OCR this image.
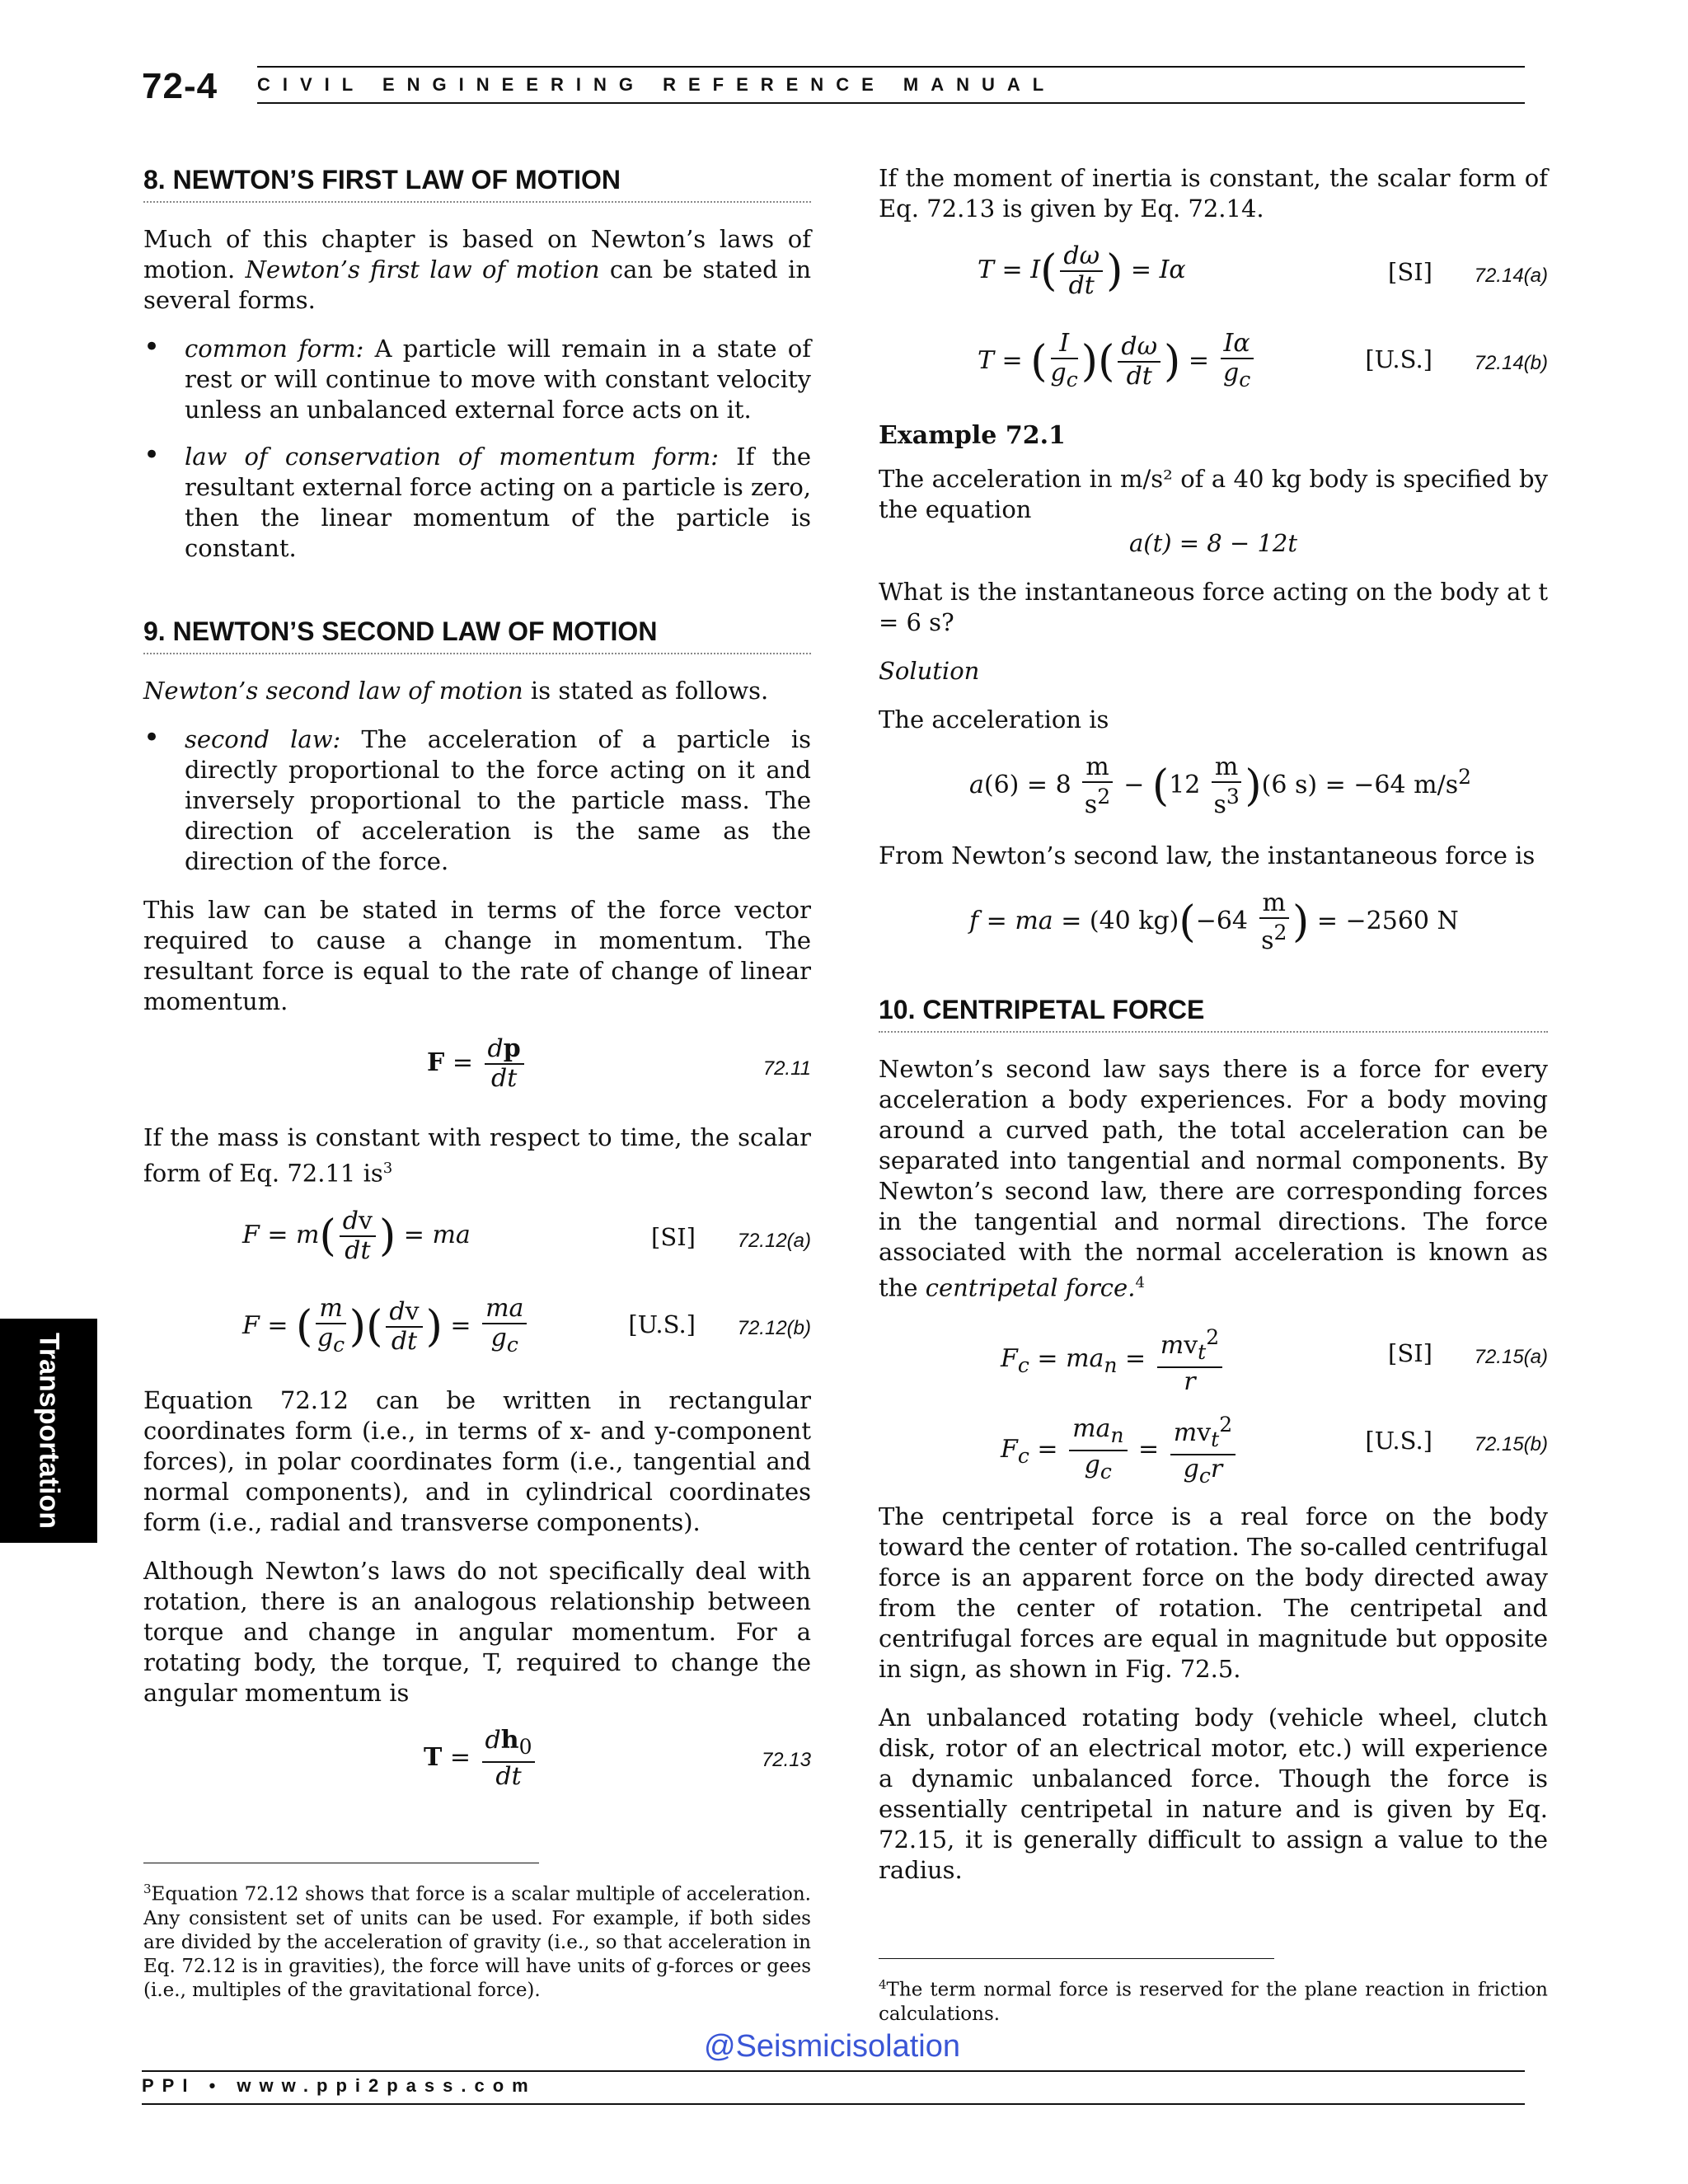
72-4 CIVIL ENGINEERING REFERENCE MANUAL
Transportation
8. NEWTON’S FIRST LAW OF MOTION

Much of this chapter is based on Newton’s laws of motion. Newton’s first law of motion can be stated in several forms.

• common form: A particle will remain in a state of rest or will continue to move with constant velocity unless an unbalanced external force acts on it.
• law of conservation of momentum form: If the resultant external force acting on a particle is zero, then the linear momentum of the particle is constant.
9. NEWTON’S SECOND LAW OF MOTION

Newton’s second law of motion is stated as follows.

• second law: The acceleration of a particle is directly proportional to the force acting on it and inversely proportional to the particle mass. The direction of acceleration is the same as the direction of the force.

This law can be stated in terms of the force vector required to cause a change in momentum. The resultant force is equal to the rate of change of linear momentum.

$F = \frac{dp}{dt}$	72.11

If the mass is constant with respect to time, the scalar form of Eq. 72.11 $is^3$

$F = m( \frac{dv}{dt}$ ) = ma	[SI] 72.12(a)
F = ( $\frac{m}{g_c}$ )( $\frac{dv}{dt}$ ) = $\frac{ma}{g_c}$	[U.S.] 72.12(b)

Equation 72.12 can be written in rectangular coordinates form (i.e., in terms of x- and y-component forces), in polar coordinates form (i.e., tangential and normal components), and in cylindrical coordinates form (i.e., radial and transverse components).

Although Newton’s laws do not specifically deal with rotation, there is an analogous relationship between torque and change in angular momentum. For a rotating body, the torque, T, required to change the angular momentum is

$T = \frac{dh_0}{dt}$	72.13
$^3$Equation 72.12 shows that force is a scalar multiple of acceleration. Any consistent set of units can be used. For example, if both sides are divided by the acceleration of gravity (i.e., so that acceleration in Eq. 72.12 is in gravities), the force will have units of g-forces or gees (i.e., multiples of the gravitational force).

If the moment of inertia is constant, the scalar form of Eq. 72.13 is given by Eq. 72.14.

$T = I( \frac{d\omega}{dt}$ ) = Iα	[SI] 72.14(a)
T = ( $\frac{I}{g_c}$ )( $\frac{d\omega}{dt}$ ) = $\frac{I\alpha}{g_c}$	[U.S.] 72.14(b)
Example 72.1

The acceleration in m/s² of a 40 kg body is specified by the equation

a(t) = 8 − 12t

What is the instantaneous force acting on the body at t = 6 s?

Solution

The acceleration is

$a(6) = 8 \frac{m}{s^2} - (12 \frac{m}{s^3} )(6$ s) = −64 $m/s^2$

From Newton’s second law, the instantaneous force is

f = ma = (40 $kg)(-64 \frac{m}{s^2}$ ) = −2560 N
10. CENTRIPETAL FORCE

Newton’s second law says there is a force for every acceleration a body experiences. For a body moving around a curved path, the total acceleration can be separated into tangential and normal components. By Newton’s second law, there are corresponding forces in the tangential and normal directions. The force associated with the normal acceleration is known as the centripetal force.$^4$

$F_c = ma_n = \frac{mv_t^2}{r}$	[SI] 72.15(a)
$F_c = \frac{ma_n}{g_c} = \frac{mv_t^2}{g_cr}$	[U.S.] 72.15(b)

The centripetal force is a real force on the body toward the center of rotation. The so-called centrifugal force is an apparent force on the body directed away from the center of rotation. The centripetal and centrifugal forces are equal in magnitude but opposite in sign, as shown in Fig. 72.5.

An unbalanced rotating body (vehicle wheel, clutch disk, rotor of an electrical motor, etc.) will experience a dynamic unbalanced force. Though the force is essentially centripetal in nature and is given by Eq. 72.15, it is generally difficult to assign a value to the radius.

$^4$The term normal force is reserved for the plane reaction in friction calculations.
@Seismicisolation
PPI • www.ppi2pass.com
